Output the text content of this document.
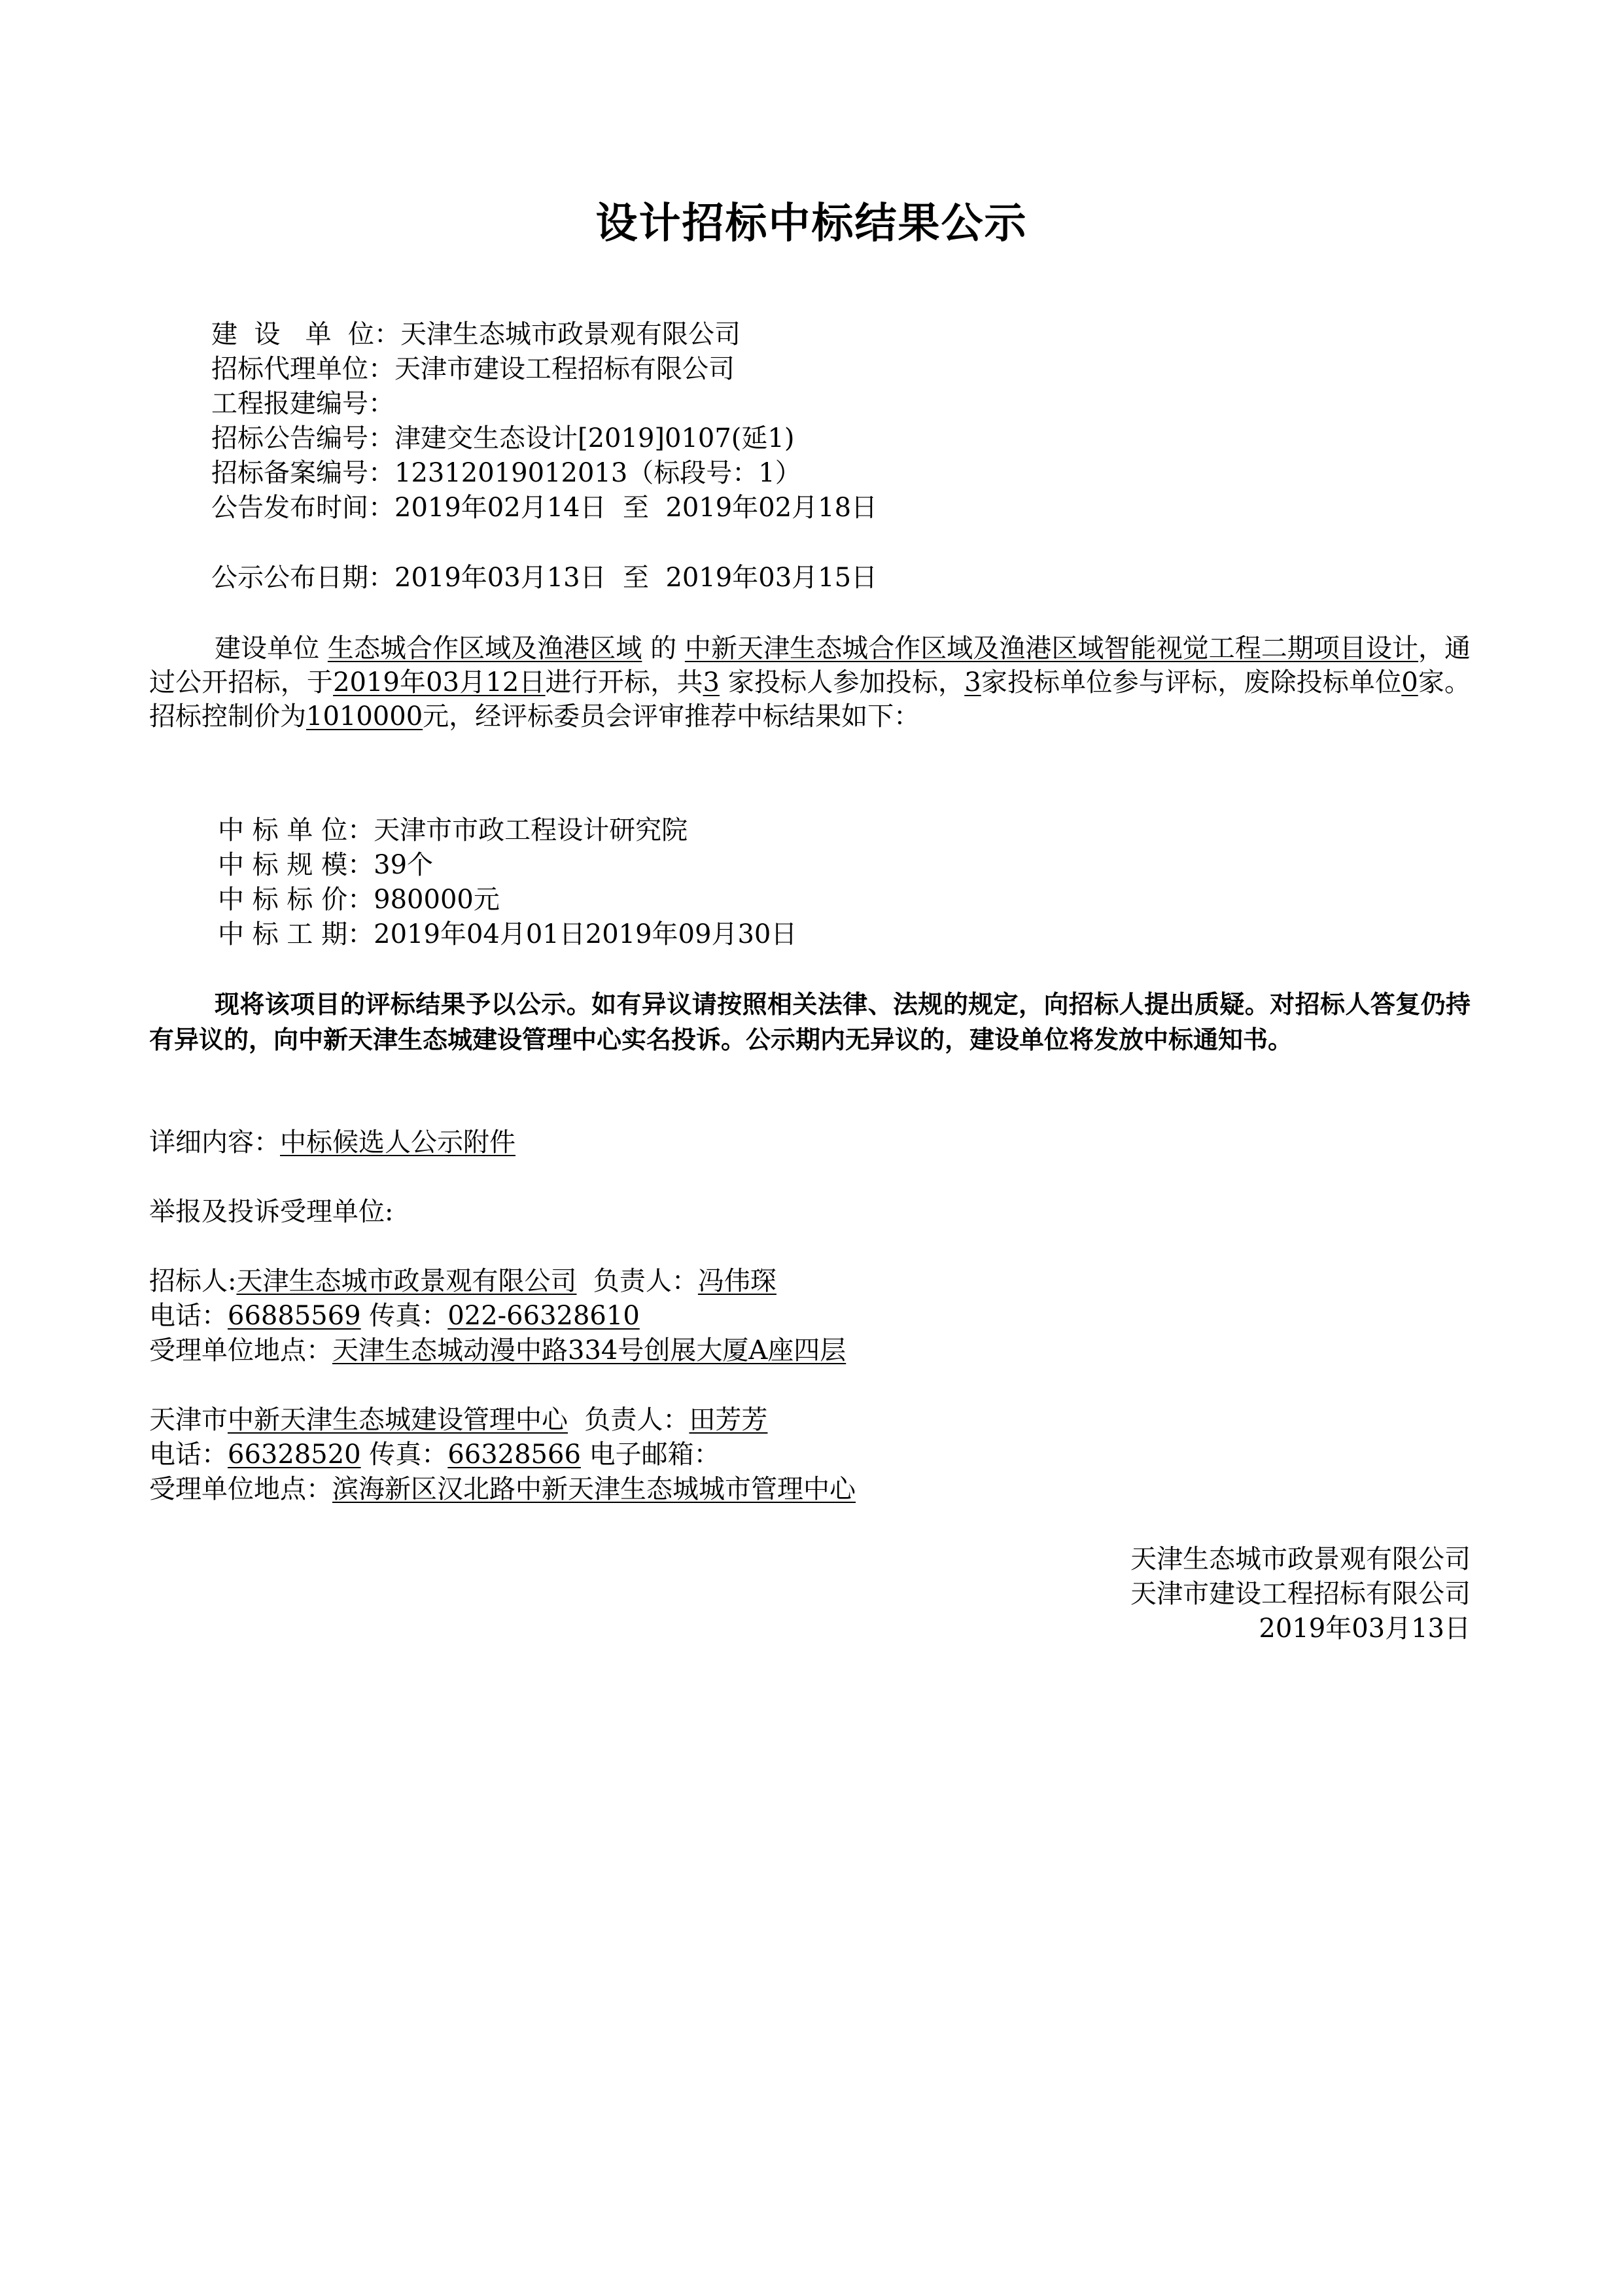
设计招标中标结果公示
建  设   单  位：天津生态城市政景观有限公司
招标代理单位：天津市建设工程招标有限公司
工程报建编号：
招标公告编号：津建交生态设计[2019]0107(延1)
招标备案编号：12312019012013（标段号：1）
公告发布时间：2019年02月14日  至  2019年02月18日
公示公布日期：2019年03月13日  至  2019年03月15日
建设单位 生态城合作区域及渔港区域 的 中新天津生态城合作区域及渔港区域智能视觉工程二期项目设计，通过公开招标，于2019年03月12日进行开标，共3 家投标人参加投标，3家投标单位参与评标，废除投标单位0家。招标控制价为1010000元，经评标委员会评审推荐中标结果如下：
中 标 单 位：天津市市政工程设计研究院
中 标 规 模：39个
中 标 标 价：980000元
中 标 工 期：2019年04月01日2019年09月30日
现将该项目的评标结果予以公示。如有异议请按照相关法律、法规的规定，向招标人提出质疑。对招标人答复仍持有异议的，向中新天津生态城建设管理中心实名投诉。公示期内无异议的，建设单位将发放中标通知书。
详细内容：中标候选人公示附件
举报及投诉受理单位:
招标人:天津生态城市政景观有限公司  负责人：冯伟琛
电话：66885569 传真：022-66328610
受理单位地点：天津生态城动漫中路334号创展大厦A座四层
天津市中新天津生态城建设管理中心  负责人：田芳芳
电话：66328520 传真：66328566 电子邮箱：
受理单位地点：滨海新区汉北路中新天津生态城城市管理中心
天津生态城市政景观有限公司
天津市建设工程招标有限公司
2019年03月13日
